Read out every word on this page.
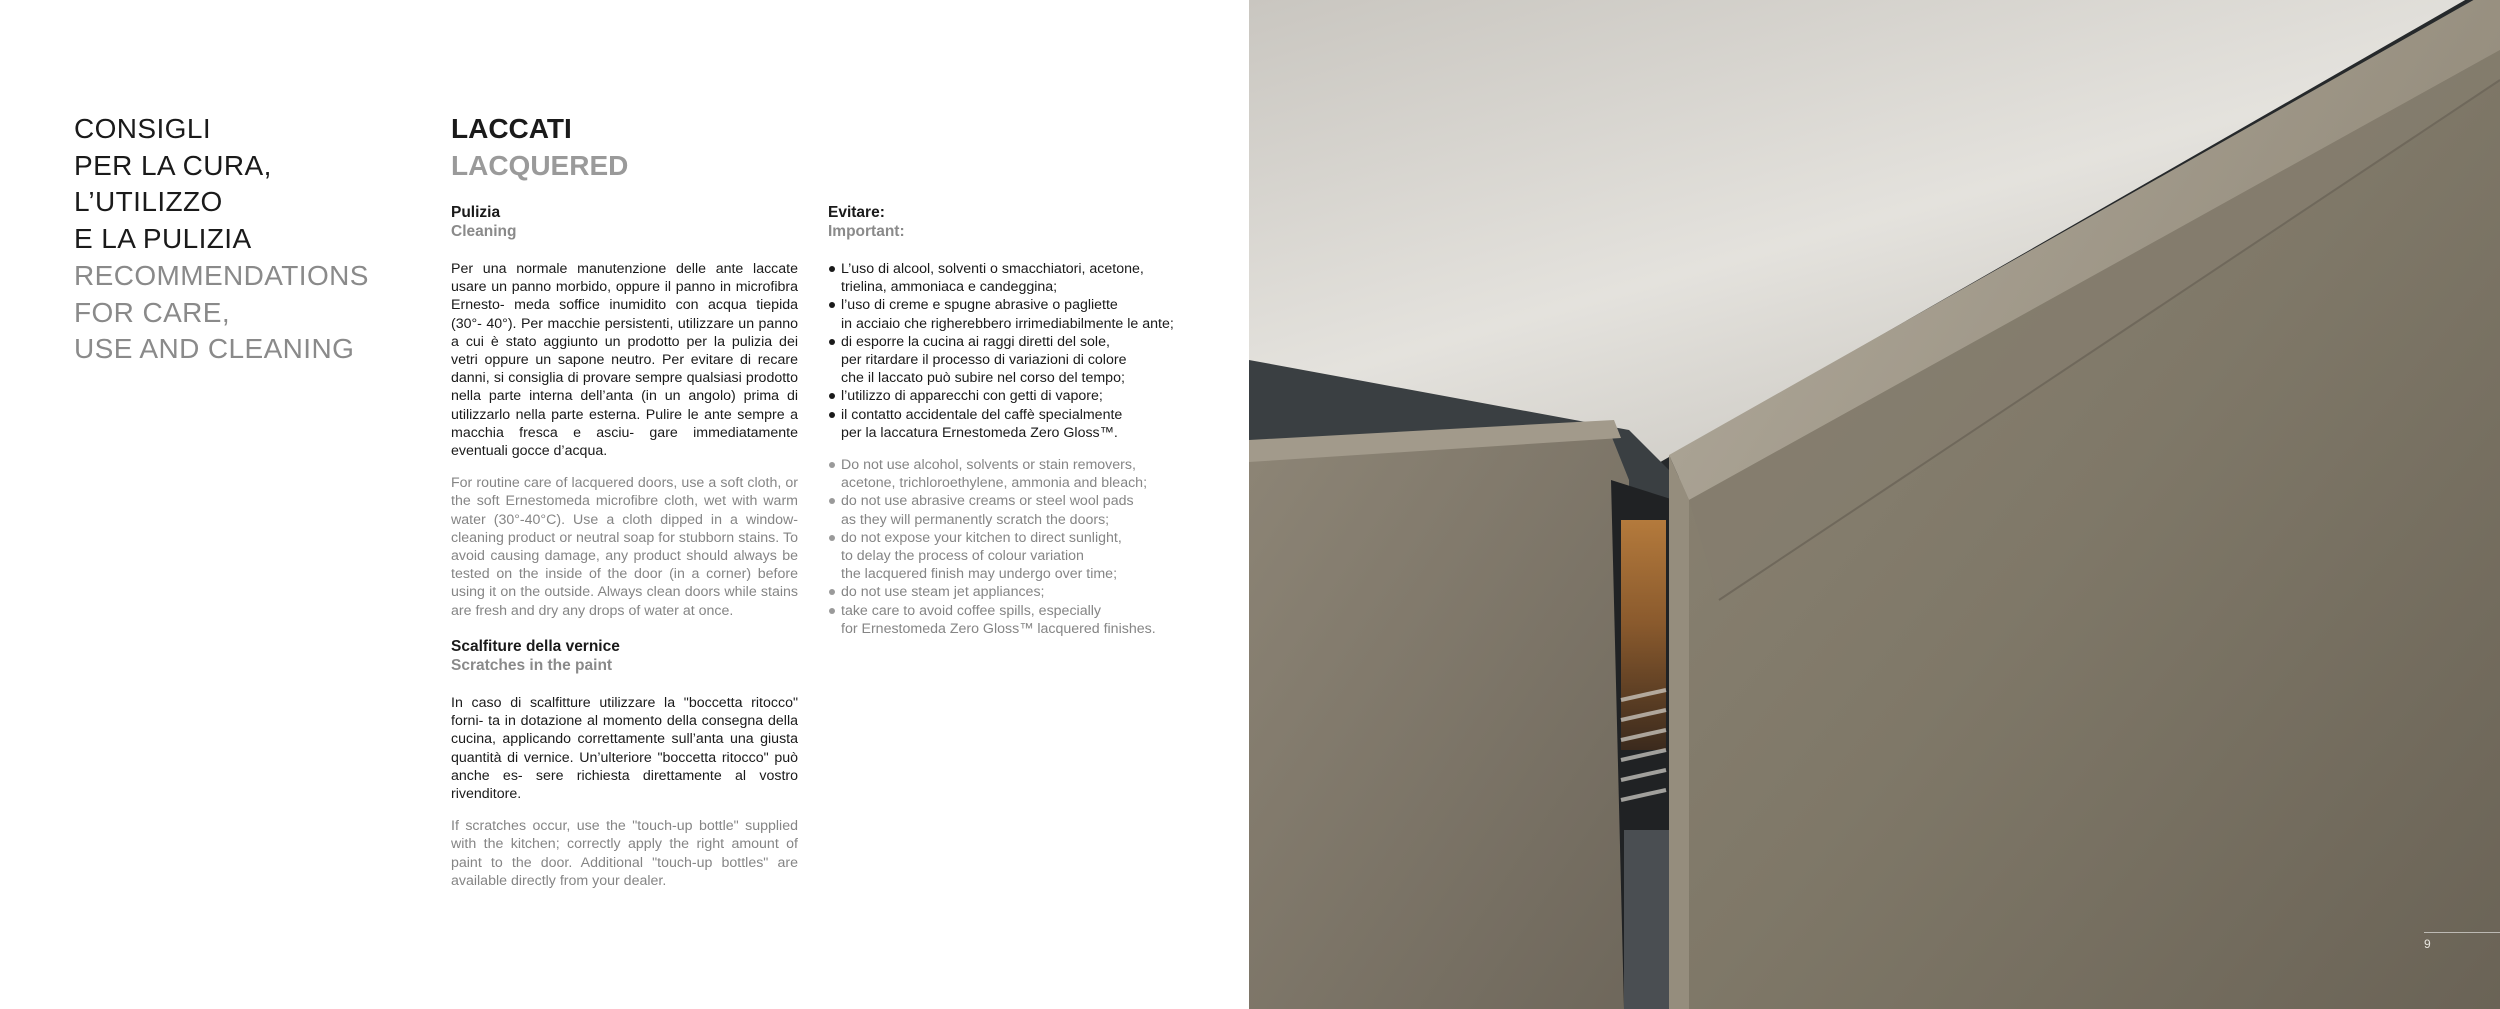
CONSIGLI
PER LA CURA,
L’UTILIZZO
E LA PULIZIA
RECOMMENDATIONS
FOR CARE,
USE AND CLEANING
LACCATI
LACQUERED
Pulizia
Cleaning

Per una normale manutenzione delle ante laccate usare un panno morbido, oppure il panno in microfibra Ernesto- meda soffice inumidito con acqua tiepida (30°- 40°). Per macchie persistenti, utilizzare un panno a cui è stato aggiunto un prodotto per la pulizia dei vetri oppure un sapone neutro. Per evitare di recare danni, si consiglia di provare sempre qualsiasi prodotto nella parte interna dell’anta (in un angolo) prima di utilizzarlo nella parte esterna. Pulire le ante sempre a macchia fresca e asciu- gare immediatamente eventuali gocce d’acqua.

For routine care of lacquered doors, use a soft cloth, or the soft Ernestomeda microfibre cloth, wet with warm water (30°-40°C). Use a cloth dipped in a window- cleaning product or neutral soap for stubborn stains. To avoid causing damage, any product should always be tested on the inside of the door (in a corner) before using it on the outside. Always clean doors while stains are fresh and dry any drops of water at once.

Scalfiture della vernice
Scratches in the paint

In caso di scalfitture utilizzare la "boccetta ritocco" forni- ta in dotazione al momento della consegna della cucina, applicando correttamente sull’anta una giusta quantità di vernice. Un’ulteriore "boccetta ritocco" può anche es- sere richiesta direttamente al vostro rivenditore.

If scratches occur, use the "touch-up bottle" supplied with the kitchen; correctly apply the right amount of paint to the door. Additional "touch-up bottles" are available directly from your dealer.

Evitare:
Important:
L’uso di alcool, solventi o smacchiatori, acetone,
trielina, ammoniaca e candeggina;
l’uso di creme e spugne abrasive o pagliette
in acciaio che righerebbero irrimediabilmente le ante;
di esporre la cucina ai raggi diretti del sole,
per ritardare il processo di variazioni di colore
che il laccato può subire nel corso del tempo;
l’utilizzo di apparecchi con getti di vapore;
il contatto accidentale del caffè specialmente
per la laccatura Ernestomeda Zero Gloss™.
Do not use alcohol, solvents or stain removers,
acetone, trichloroethylene, ammonia and bleach;
do not use abrasive creams or steel wool pads
as they will permanently scratch the doors;
do not expose your kitchen to direct sunlight,
to delay the process of colour variation
the lacquered finish may undergo over time;
do not use steam jet appliances;
take care to avoid coffee spills, especially
for Ernestomeda Zero Gloss™ lacquered finishes.
9
